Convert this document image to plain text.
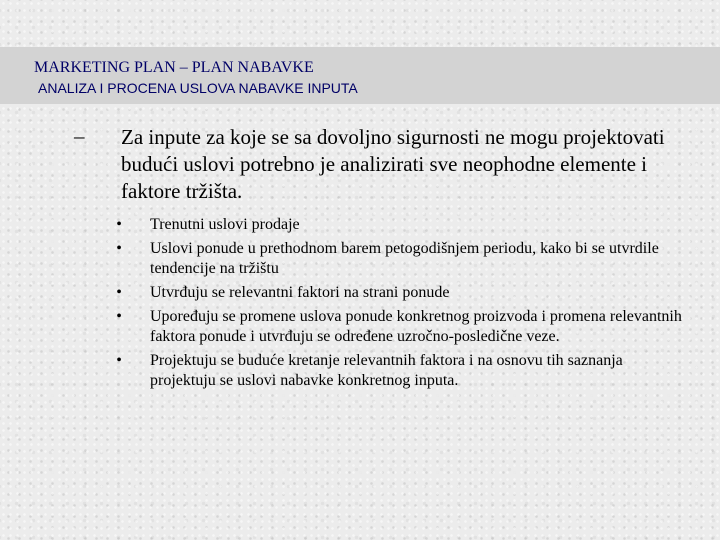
MARKETING PLAN – PLAN NABAVKE
ANALIZA I PROCENA USLOVA NABAVKE INPUTA
– Za inpute za koje se sa dovoljno sigurnosti ne mogu projektovati budući uslovi potrebno je analizirati sve neophodne elemente i faktore tržišta.
• Trenutni uslovi prodaje
• Uslovi ponude u prethodnom barem petogodišnjem periodu, kako bi se utvrdile tendencije na tržištu
• Utvrđuju se relevantni faktori na strani ponude
• Upoređuju se promene uslova ponude konkretnog proizvoda i promena relevantnih faktora ponude i utvrđuju se određene uzročno-posledične veze.
• Projektuju se buduće kretanje relevantnih faktora i na osnovu tih saznanja projektuju se uslovi nabavke konkretnog inputa.
